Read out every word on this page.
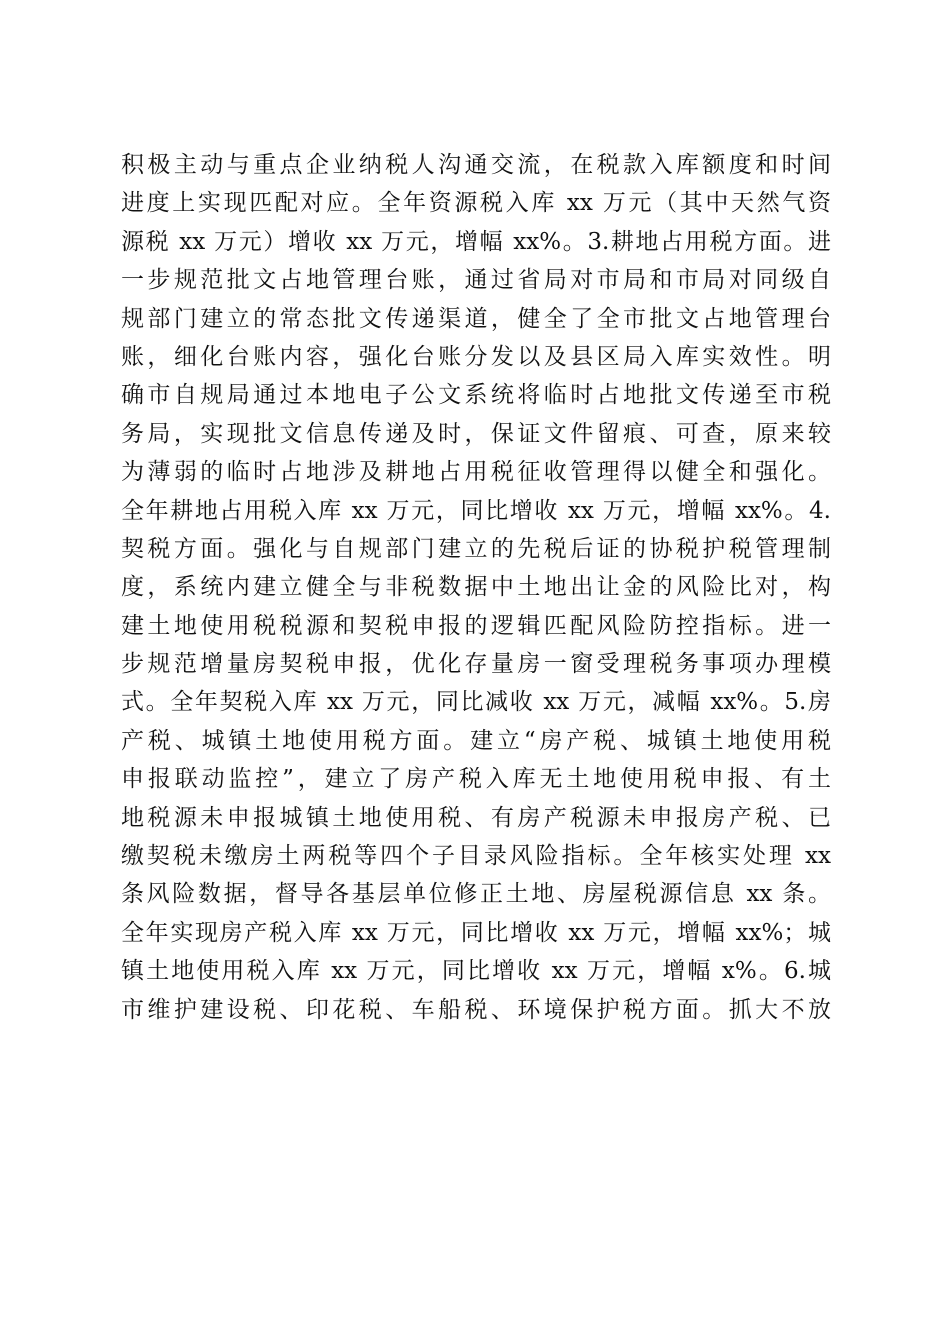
积极主动与重点企业纳税人沟通交流，在税款入库额度和时间
进度上实现匹配对应。全年资源税入库 xx 万元（其中天然气资
源税 xx 万元）增收 xx 万元，增幅 xx%。3.耕地占用税方面。进
一步规范批文占地管理台账，通过省局对市局和市局对同级自
规部门建立的常态批文传递渠道，健全了全市批文占地管理台
账，细化台账内容，强化台账分发以及县区局入库实效性。明
确市自规局通过本地电子公文系统将临时占地批文传递至市税
务局，实现批文信息传递及时，保证文件留痕、可查，原来较
为薄弱的临时占地涉及耕地占用税征收管理得以健全和强化。
全年耕地占用税入库 xx 万元，同比增收 xx 万元，增幅 xx%。4.
契税方面。强化与自规部门建立的先税后证的协税护税管理制
度，系统内建立健全与非税数据中土地出让金的风险比对，构
建土地使用税税源和契税申报的逻辑匹配风险防控指标。进一
步规范增量房契税申报，优化存量房一窗受理税务事项办理模
式。全年契税入库 xx 万元，同比减收 xx 万元，减幅 xx%。5.房
产税、城镇土地使用税方面。建立“房产税、城镇土地使用税
申报联动监控”，建立了房产税入库无土地使用税申报、有土
地税源未申报城镇土地使用税、有房产税源未申报房产税、已
缴契税未缴房土两税等四个子目录风险指标。全年核实处理 xx
条风险数据，督导各基层单位修正土地、房屋税源信息 xx 条。
全年实现房产税入库 xx 万元，同比增收 xx 万元，增幅 xx%；城
镇土地使用税入库 xx 万元，同比增收 xx 万元，增幅 x%。6.城
市维护建设税、印花税、车船税、环境保护税方面。抓大不放
